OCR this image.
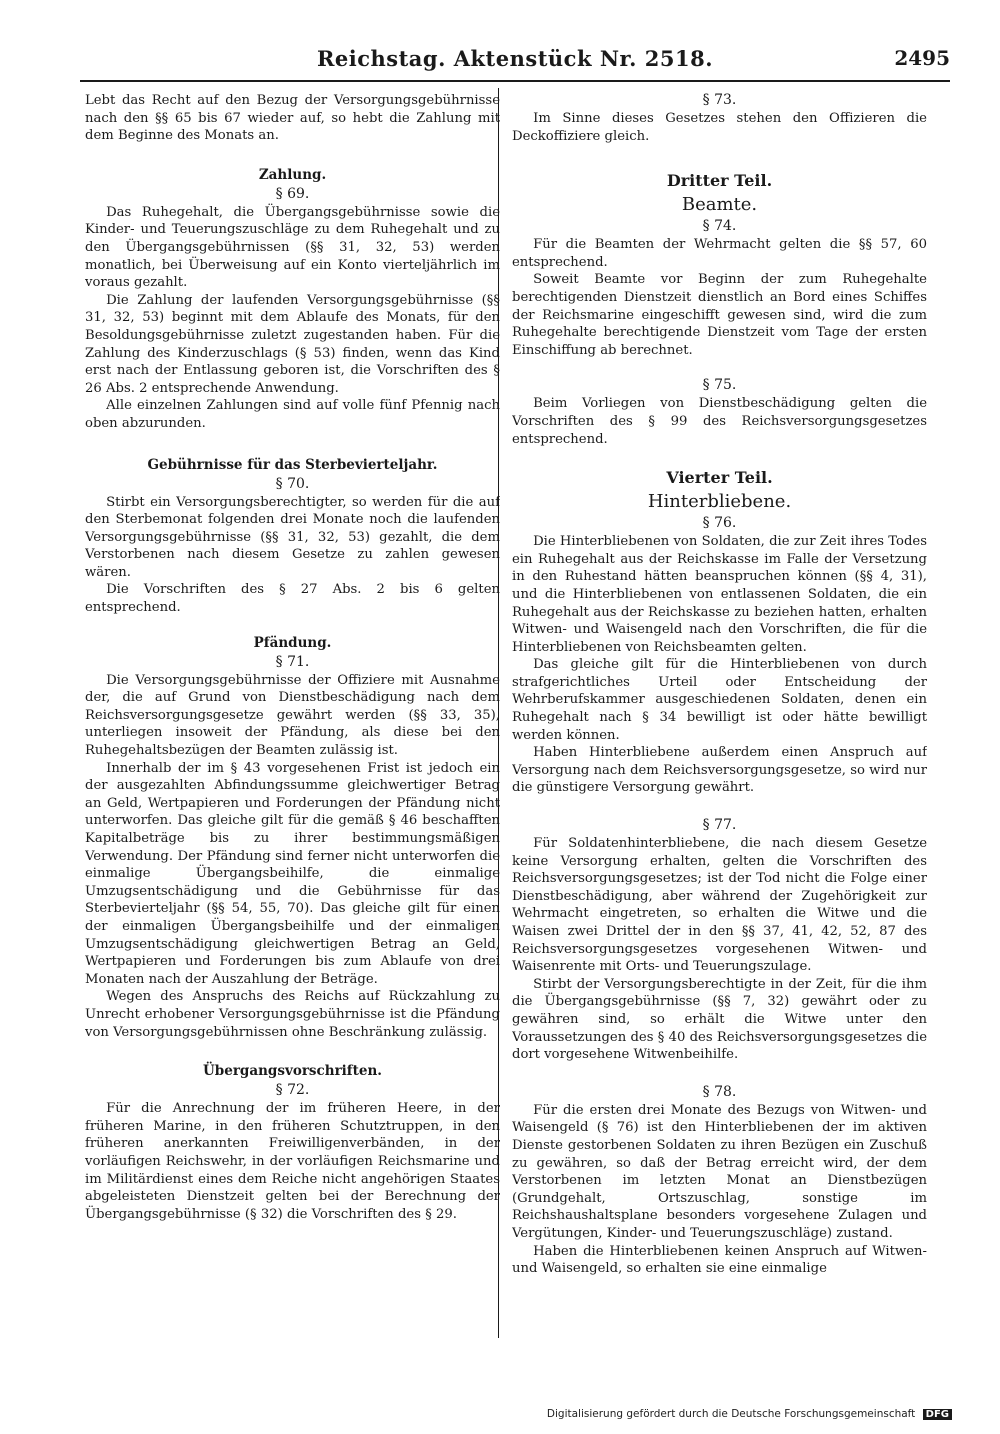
Reichstag. Aktenstück Nr. 2518.	2495

Lebt das Recht auf den Bezug der Versorgungsgebührnisse nach den §§ 65 bis 67 wieder auf, so hebt die Zahlung mit dem Beginne des Monats an.

Zahlung.
§ 69.

Das Ruhegehalt, die Übergangsgebührnisse sowie die Kinder- und Teuerungszuschläge zu dem Ruhegehalt und zu den Übergangsgebührnissen (§§ 31, 32, 53) werden monatlich, bei Überweisung auf ein Konto vierteljährlich im voraus gezahlt.

Die Zahlung der laufenden Versorgungsgebührnisse (§§ 31, 32, 53) beginnt mit dem Ablaufe des Monats, für den Besoldungsgebührnisse zuletzt zugestanden haben. Für die Zahlung des Kinderzuschlags (§ 53) finden, wenn das Kind erst nach der Entlassung geboren ist, die Vorschriften des § 26 Abs. 2 entsprechende Anwendung.

Alle einzelnen Zahlungen sind auf volle fünf Pfennig nach oben abzurunden.

Gebührnisse für das Sterbevierteljahr.
§ 70.

Stirbt ein Versorgungsberechtigter, so werden für die auf den Sterbemonat folgenden drei Monate noch die laufenden Versorgungsgebührnisse (§§ 31, 32, 53) gezahlt, die dem Verstorbenen nach diesem Gesetze zu zahlen gewesen wären.

Die Vorschriften des § 27 Abs. 2 bis 6 gelten entsprechend.

Pfändung.
§ 71.

Die Versorgungsgebührnisse der Offiziere mit Ausnahme der, die auf Grund von Dienstbeschädigung nach dem Reichsversorgungsgesetze gewährt werden (§§ 33, 35), unterliegen insoweit der Pfändung, als diese bei den Ruhegehaltsbezügen der Beamten zulässig ist.

Innerhalb der im § 43 vorgesehenen Frist ist jedoch ein der ausgezahlten Abfindungssumme gleichwertiger Betrag an Geld, Wertpapieren und Forderungen der Pfändung nicht unterworfen. Das gleiche gilt für die gemäß § 46 beschafften Kapitalbeträge bis zu ihrer bestimmungsmäßigen Verwendung. Der Pfändung sind ferner nicht unterworfen die einmalige Übergangsbeihilfe, die einmalige Umzugsentschädigung und die Gebührnisse für das Sterbevierteljahr (§§ 54, 55, 70). Das gleiche gilt für einen der einmaligen Übergangsbeihilfe und der einmaligen Umzugsentschädigung gleichwertigen Betrag an Geld, Wertpapieren und Forderungen bis zum Ablaufe von drei Monaten nach der Auszahlung der Beträge.

Wegen des Anspruchs des Reichs auf Rückzahlung zu Unrecht erhobener Versorgungsgebührnisse ist die Pfändung von Versorgungsgebührnissen ohne Beschränkung zulässig.

Übergangsvorschriften.
§ 72.

Für die Anrechnung der im früheren Heere, in der früheren Marine, in den früheren Schutztruppen, in den früheren anerkannten Freiwilligenverbänden, in der vorläufigen Reichswehr, in der vorläufigen Reichsmarine und im Militärdienst eines dem Reiche nicht angehörigen Staates abgeleisteten Dienstzeit gelten bei der Berechnung der Übergangsgebührnisse (§ 32) die Vorschriften des § 29.

§ 73.

Im Sinne dieses Gesetzes stehen den Offizieren die Deckoffiziere gleich.

Dritter Teil.
Beamte.
§ 74.

Für die Beamten der Wehrmacht gelten die §§ 57, 60 entsprechend.

Soweit Beamte vor Beginn der zum Ruhegehalte berechtigenden Dienstzeit dienstlich an Bord eines Schiffes der Reichsmarine eingeschifft gewesen sind, wird die zum Ruhegehalte berechtigende Dienstzeit vom Tage der ersten Einschiffung ab berechnet.

§ 75.

Beim Vorliegen von Dienstbeschädigung gelten die Vorschriften des § 99 des Reichsversorgungsgesetzes entsprechend.

Vierter Teil.
Hinterbliebene.
§ 76.

Die Hinterbliebenen von Soldaten, die zur Zeit ihres Todes ein Ruhegehalt aus der Reichskasse im Falle der Versetzung in den Ruhestand hätten beanspruchen können (§§ 4, 31), und die Hinterbliebenen von entlassenen Soldaten, die ein Ruhegehalt aus der Reichskasse zu beziehen hatten, erhalten Witwen- und Waisengeld nach den Vorschriften, die für die Hinterbliebenen von Reichsbeamten gelten.

Das gleiche gilt für die Hinterbliebenen von durch strafgerichtliches Urteil oder Entscheidung der Wehrberufskammer ausgeschiedenen Soldaten, denen ein Ruhegehalt nach § 34 bewilligt ist oder hätte bewilligt werden können.

Haben Hinterbliebene außerdem einen Anspruch auf Versorgung nach dem Reichsversorgungsgesetze, so wird nur die günstigere Versorgung gewährt.

§ 77.

Für Soldatenhinterbliebene, die nach diesem Gesetze keine Versorgung erhalten, gelten die Vorschriften des Reichsversorgungsgesetzes; ist der Tod nicht die Folge einer Dienstbeschädigung, aber während der Zugehörigkeit zur Wehrmacht eingetreten, so erhalten die Witwe und die Waisen zwei Drittel der in den §§ 37, 41, 42, 52, 87 des Reichsversorgungsgesetzes vorgesehenen Witwen- und Waisenrente mit Orts- und Teuerungszulage.

Stirbt der Versorgungsberechtigte in der Zeit, für die ihm die Übergangsgebührnisse (§§ 7, 32) gewährt oder zu gewähren sind, so erhält die Witwe unter den Voraussetzungen des § 40 des Reichsversorgungsgesetzes die dort vorgesehene Witwenbeihilfe.

§ 78.

Für die ersten drei Monate des Bezugs von Witwen- und Waisengeld (§ 76) ist den Hinterbliebenen der im aktiven Dienste gestorbenen Soldaten zu ihren Bezügen ein Zuschuß zu gewähren, so daß der Betrag erreicht wird, der dem Verstorbenen im letzten Monat an Dienstbezügen (Grundgehalt, Ortszuschlag, sonstige im Reichshaushaltsplane besonders vorgesehene Zulagen und Vergütungen, Kinder- und Teuerungszuschläge) zustand.

Haben die Hinterbliebenen keinen Anspruch auf Witwen- und Waisengeld, so erhalten sie eine einmalige

Digitalisierung gefördert durch die Deutsche Forschungsgemeinschaft DFG
